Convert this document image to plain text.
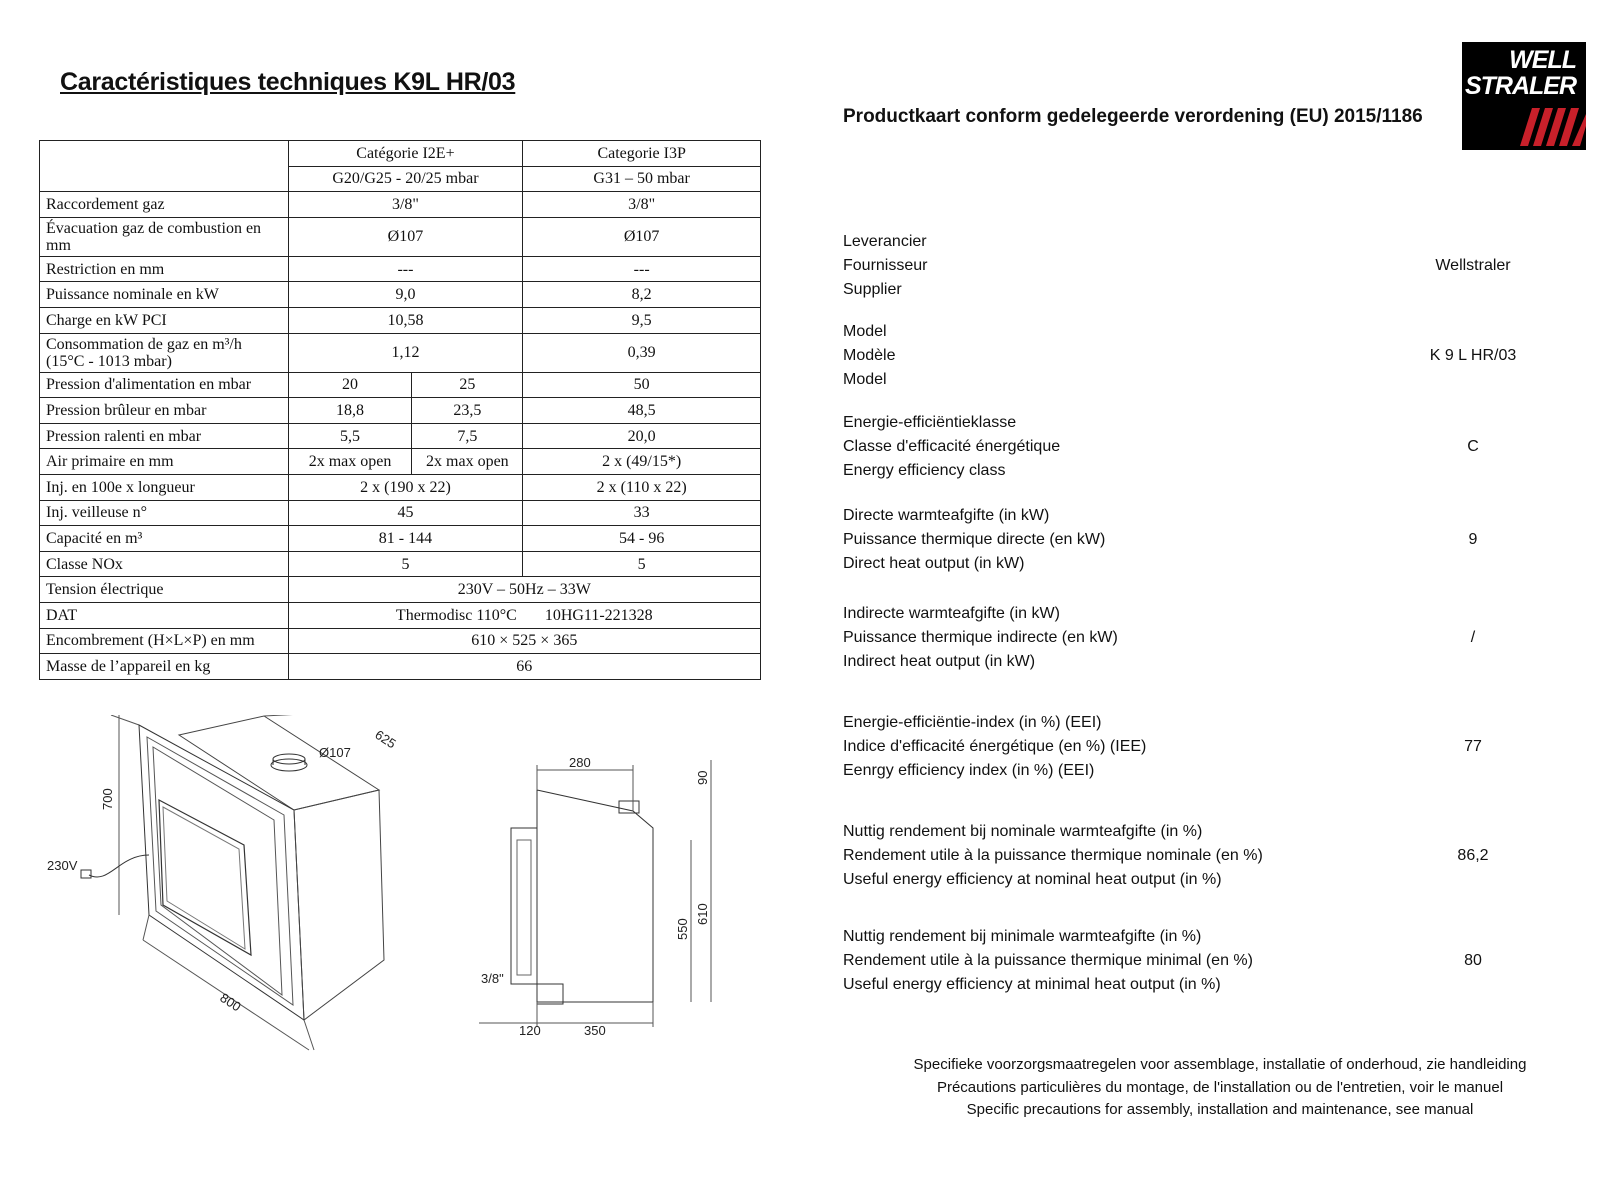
Caractéristiques techniques K9L HR/03
Productkaart conform gedelegeerde verordening (EU) 2015/1186
WELL
STRALER
	Catégorie I2E+		Categorie I3P
	G20/G25 - 20/25 mbar		G31 – 50 mbar
Raccordement gaz	3/8"		3/8"
Évacuation gaz de combustion en mm	Ø107		Ø107
Restriction en mm	---		---
Puissance nominale en kW	9,0		8,2
Charge en kW PCI	10,58		9,5
Consommation de gaz en m³/h (15°C - 1013 mbar)	1,12		0,39
Pression d'alimentation en mbar	20	25	50
Pression brûleur en mbar	18,8	23,5	48,5
Pression ralenti en mbar	5,5	7,5	20,0
Air primaire en mm	2x max open	2x max open	2 x (49/15*)
Inj. en 100e x longueur	2 x (190 x 22)		2 x (110 x 22)
Inj. veilleuse n°	45		33
Capacité en m³	81 - 144		54 - 96
Classe NOx	5		5
Tension électrique	230V – 50Hz – 33W		
DAT	Thermodisc 110°C       10HG11-221328		
Encombrement (H×L×P) en mm	610 × 525 × 365		
Masse de l’appareil en kg	66		
Ø107
625
700
800
230V
280
90
550
610
3/8"
120	350
Leverancier
Fournisseur
Supplier
Wellstraler
Model
Modèle
Model
K 9 L HR/03
Energie-efficiëntieklasse
Classe d'efficacité énergétique
Energy efficiency class
C
Directe warmteafgifte (in kW)
Puissance thermique directe (en kW)
Direct heat output (in kW)
9
Indirecte warmteafgifte (in kW)
Puissance thermique indirecte (en kW)
Indirect heat output (in kW)
/
Energie-efficiëntie-index (in %) (EEI)
Indice d'efficacité énergétique (en %) (IEE)
Eenrgy efficiency index (in %) (EEI)
77
Nuttig rendement bij nominale warmteafgifte (in %)
Rendement utile à la puissance thermique nominale (en %)
Useful energy efficiency at nominal heat output (in %)
86,2
Nuttig rendement bij minimale warmteafgifte (in %)
Rendement utile à la puissance thermique minimal (en %)
Useful energy efficiency at minimal heat output (in %)
80
Specifieke voorzorgsmaatregelen voor assemblage, installatie of onderhoud, zie handleiding
Précautions particulières du montage, de l'installation ou de l'entretien, voir le manuel
Specific precautions for assembly, installation and maintenance, see manual
